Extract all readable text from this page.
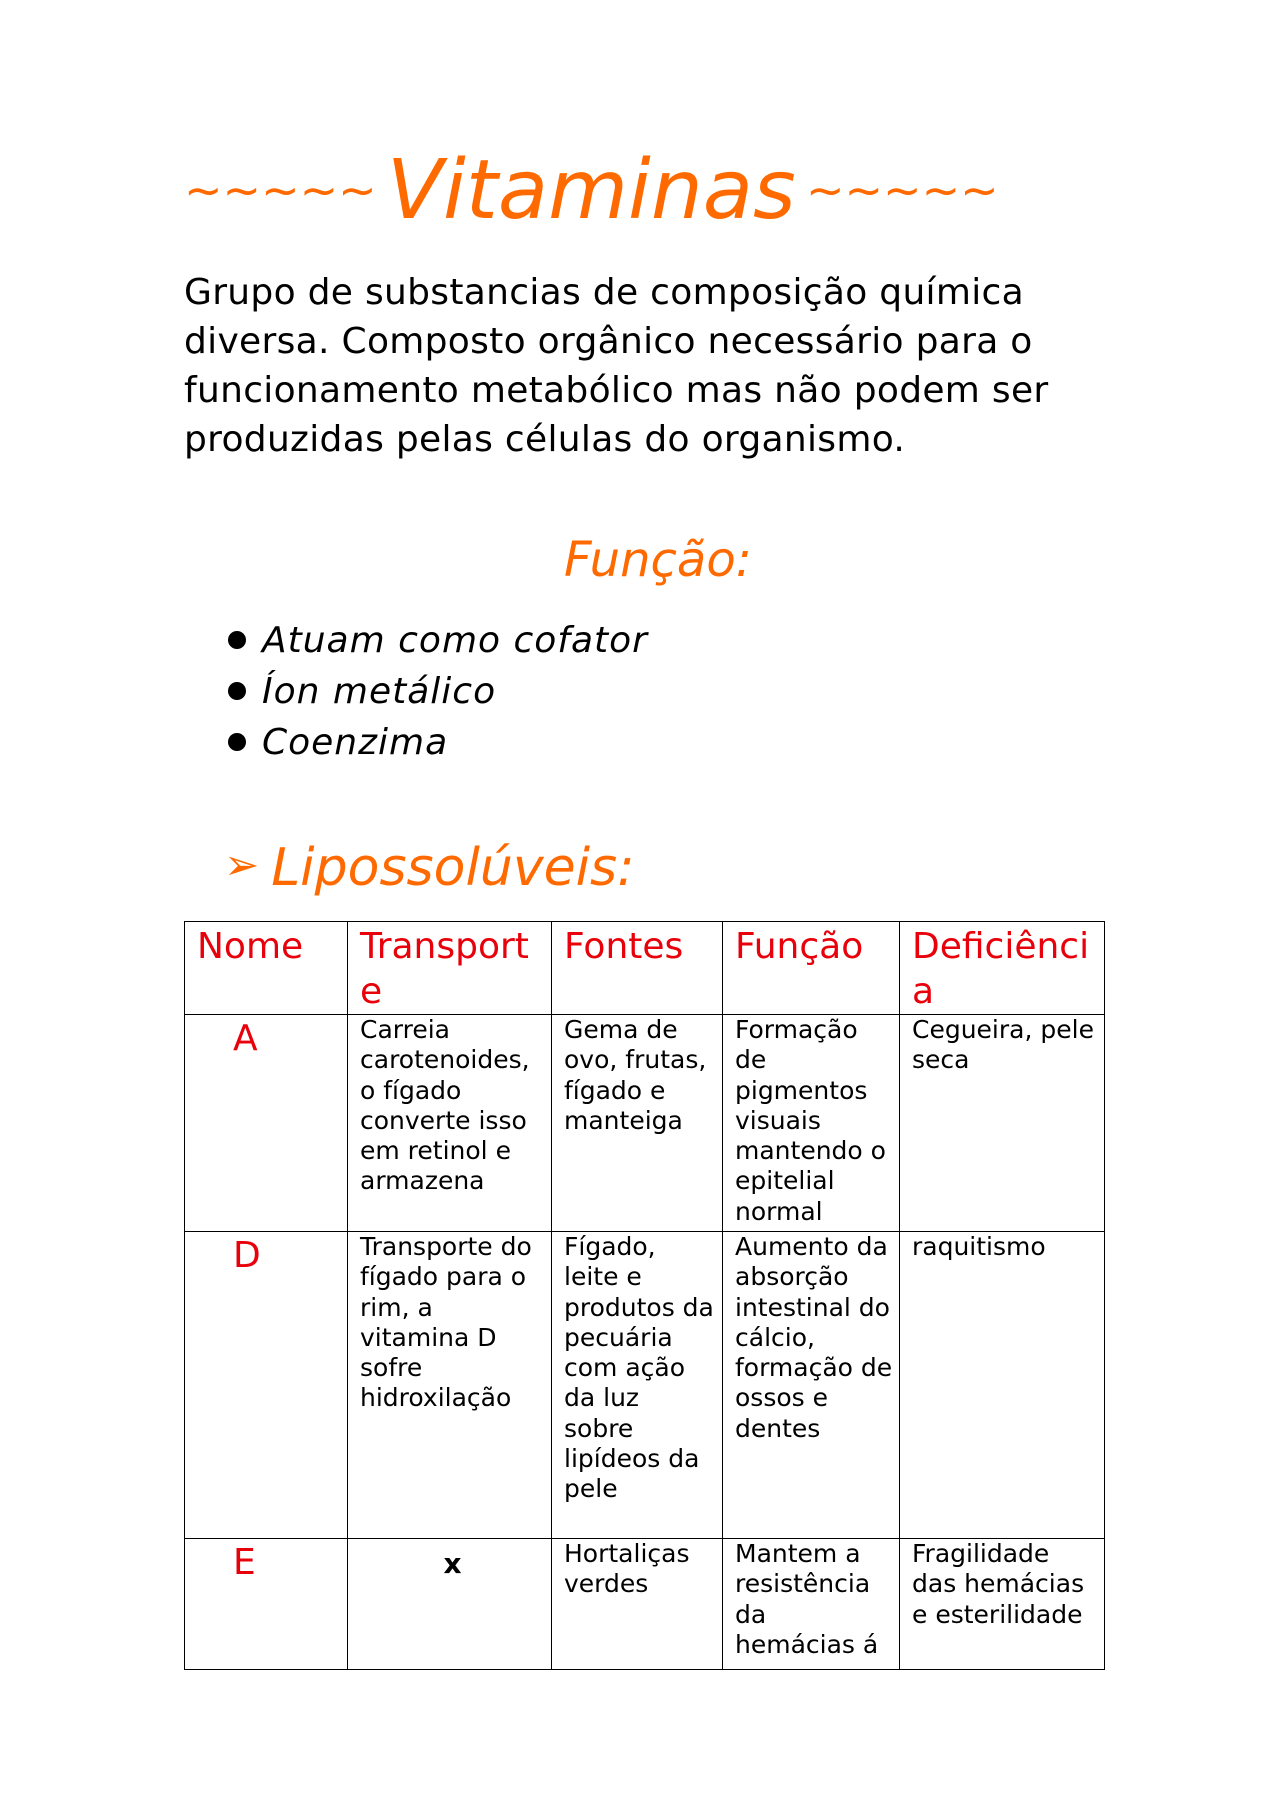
~~~~~ Vitaminas ~~~~~

Grupo de substancias de composição química diversa. Composto orgânico necessário para o funcionamento metabólico mas não podem ser produzidas pelas células do organismo.

Função:
Atuam como cofator
Íon metálico
Coenzima
➢ Lipossolúveis:
Nome	Transporte	Fontes	Função	Deficiência
A	Carreia carotenoides, o fígado converte isso em retinol e armazena	Gema de ovo, frutas, fígado e manteiga	Formação de pigmentos visuais mantendo o epitelial normal	Cegueira, pele seca
D	Transporte do fígado para o rim, a vitamina D sofre hidroxilação	Fígado, leite e produtos da pecuária com ação da luz sobre lipídeos da pele	Aumento da absorção intestinal do cálcio, formação de ossos e dentes	raquitismo
E	x	Hortaliças verdes	Mantem a resistência da hemácias á	Fragilidade das hemácias e esterilidade
